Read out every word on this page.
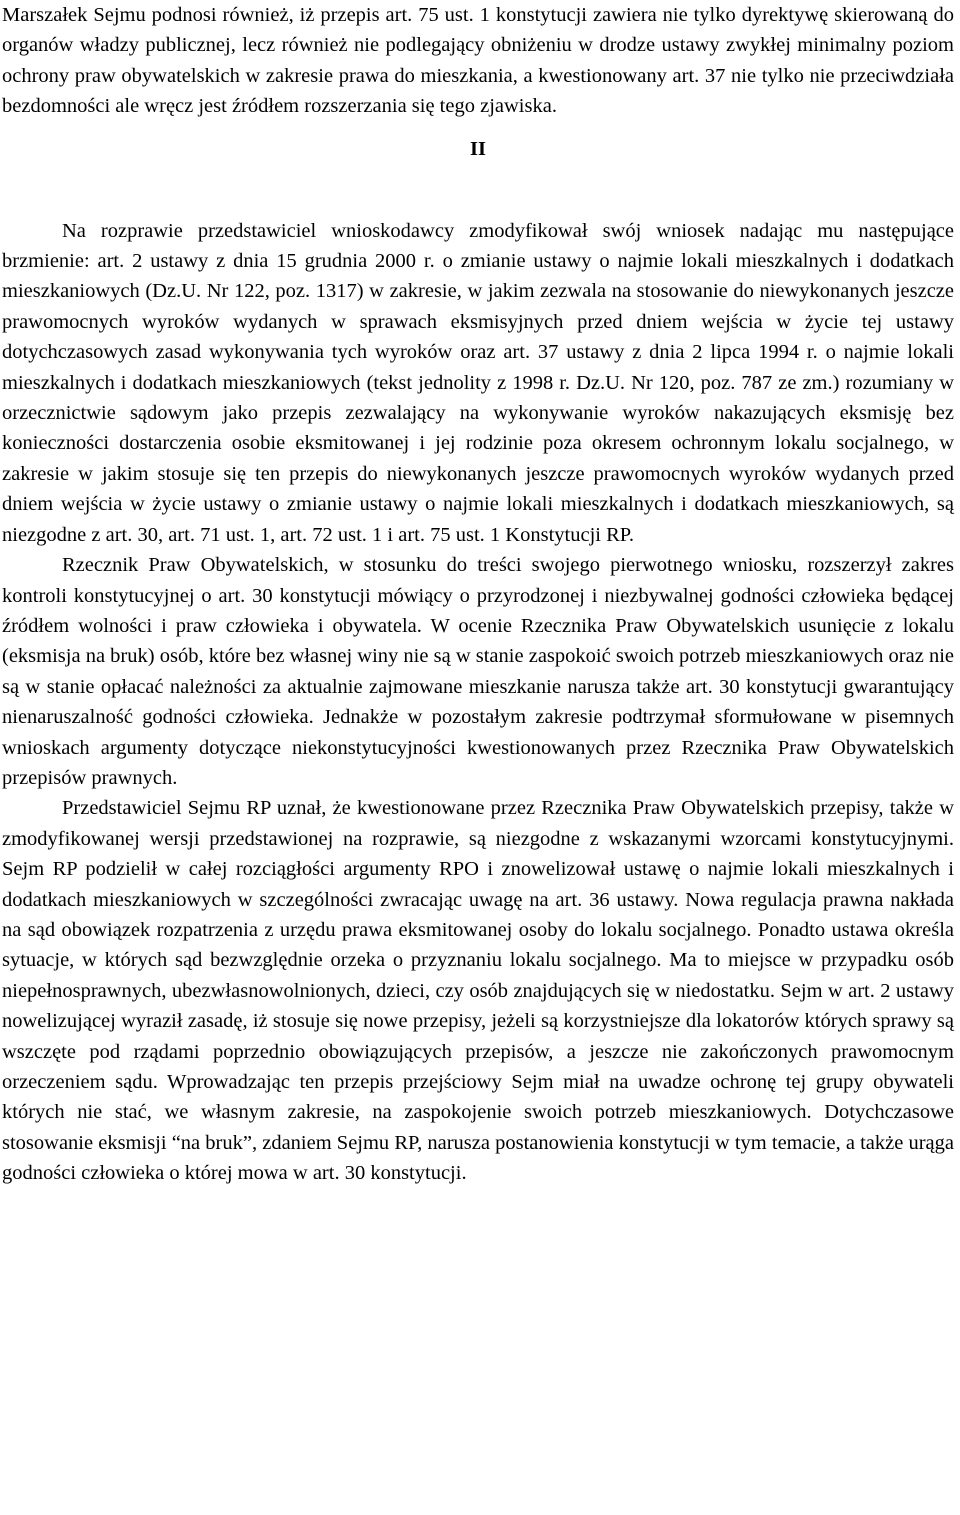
Marszałek Sejmu podnosi również, iż przepis art. 75 ust. 1 konstytucji zawiera nie tylko dyrektywę skierowaną do organów władzy publicznej, lecz również nie podlegający obniżeniu w drodze ustawy zwykłej minimalny poziom ochrony praw obywatelskich w zakresie prawa do mieszkania, a kwestionowany art. 37 nie tylko nie przeciwdziała bezdomności ale wręcz jest źródłem rozszerzania się tego zjawiska.

II

Na rozprawie przedstawiciel wnioskodawcy zmodyfikował swój wniosek nadając mu następujące brzmienie: art. 2 ustawy z dnia 15 grudnia 2000 r. o zmianie ustawy o najmie lokali mieszkalnych i dodatkach mieszkaniowych (Dz.U. Nr 122, poz. 1317) w zakresie, w jakim zezwala na stosowanie do niewykonanych jeszcze prawomocnych wyroków wydanych w sprawach eksmisyjnych przed dniem wejścia w życie tej ustawy dotychczasowych zasad wykonywania tych wyroków oraz art. 37 ustawy z dnia 2 lipca 1994 r. o najmie lokali mieszkalnych i dodatkach mieszkaniowych (tekst jednolity z 1998 r. Dz.U. Nr 120, poz. 787 ze zm.) rozumiany w orzecznictwie sądowym jako przepis zezwalający na wykonywanie wyroków nakazujących eksmisję bez konieczności dostarczenia osobie eksmitowanej i jej rodzinie poza okresem ochronnym lokalu socjalnego, w zakresie w jakim stosuje się ten przepis do niewykonanych jeszcze prawomocnych wyroków wydanych przed dniem wejścia w życie ustawy o zmianie ustawy o najmie lokali mieszkalnych i dodatkach mieszkaniowych, są niezgodne z art. 30, art. 71 ust. 1, art. 72 ust. 1 i art. 75 ust. 1 Konstytucji RP.

Rzecznik Praw Obywatelskich, w stosunku do treści swojego pierwotnego wniosku, rozszerzył zakres kontroli konstytucyjnej o art. 30 konstytucji mówiący o przyrodzonej i niezbywalnej godności człowieka będącej źródłem wolności i praw człowieka i obywatela. W ocenie Rzecznika Praw Obywatelskich usunięcie z lokalu (eksmisja na bruk) osób, które bez własnej winy nie są w stanie zaspokoić swoich potrzeb mieszkaniowych oraz nie są w stanie opłacać należności za aktualnie zajmowane mieszkanie narusza także art. 30 konstytucji gwarantujący nienaruszalność godności człowieka. Jednakże w pozostałym zakresie podtrzymał sformułowane w pisemnych wnioskach argumenty dotyczące niekonstytucyjności kwestionowanych przez Rzecznika Praw Obywatelskich przepisów prawnych.

Przedstawiciel Sejmu RP uznał, że kwestionowane przez Rzecznika Praw Obywatelskich przepisy, także w zmodyfikowanej wersji przedstawionej na rozprawie, są niezgodne z wskazanymi wzorcami konstytucyjnymi. Sejm RP podzielił w całej rozciągłości argumenty RPO i znowelizował ustawę o najmie lokali mieszkalnych i dodatkach mieszkaniowych w szczególności zwracając uwagę na art. 36 ustawy. Nowa regulacja prawna nakłada na sąd obowiązek rozpatrzenia z urzędu prawa eksmitowanej osoby do lokalu socjalnego. Ponadto ustawa określa sytuacje, w których sąd bezwzględnie orzeka o przyznaniu lokalu socjalnego. Ma to miejsce w przypadku osób niepełnosprawnych, ubezwłasnowolnionych, dzieci, czy osób znajdujących się w niedostatku. Sejm w art. 2 ustawy nowelizującej wyraził zasadę, iż stosuje się nowe przepisy, jeżeli są korzystniejsze dla lokatorów których sprawy są wszczęte pod rządami poprzednio obowiązujących przepisów, a jeszcze nie zakończonych prawomocnym orzeczeniem sądu. Wprowadzając ten przepis przejściowy Sejm miał na uwadze ochronę tej grupy obywateli których nie stać, we własnym zakresie, na zaspokojenie swoich potrzeb mieszkaniowych. Dotychczasowe stosowanie eksmisji “na bruk”, zdaniem Sejmu RP, narusza postanowienia konstytucji w tym temacie, a także urąga godności człowieka o której mowa w art. 30 konstytucji.
